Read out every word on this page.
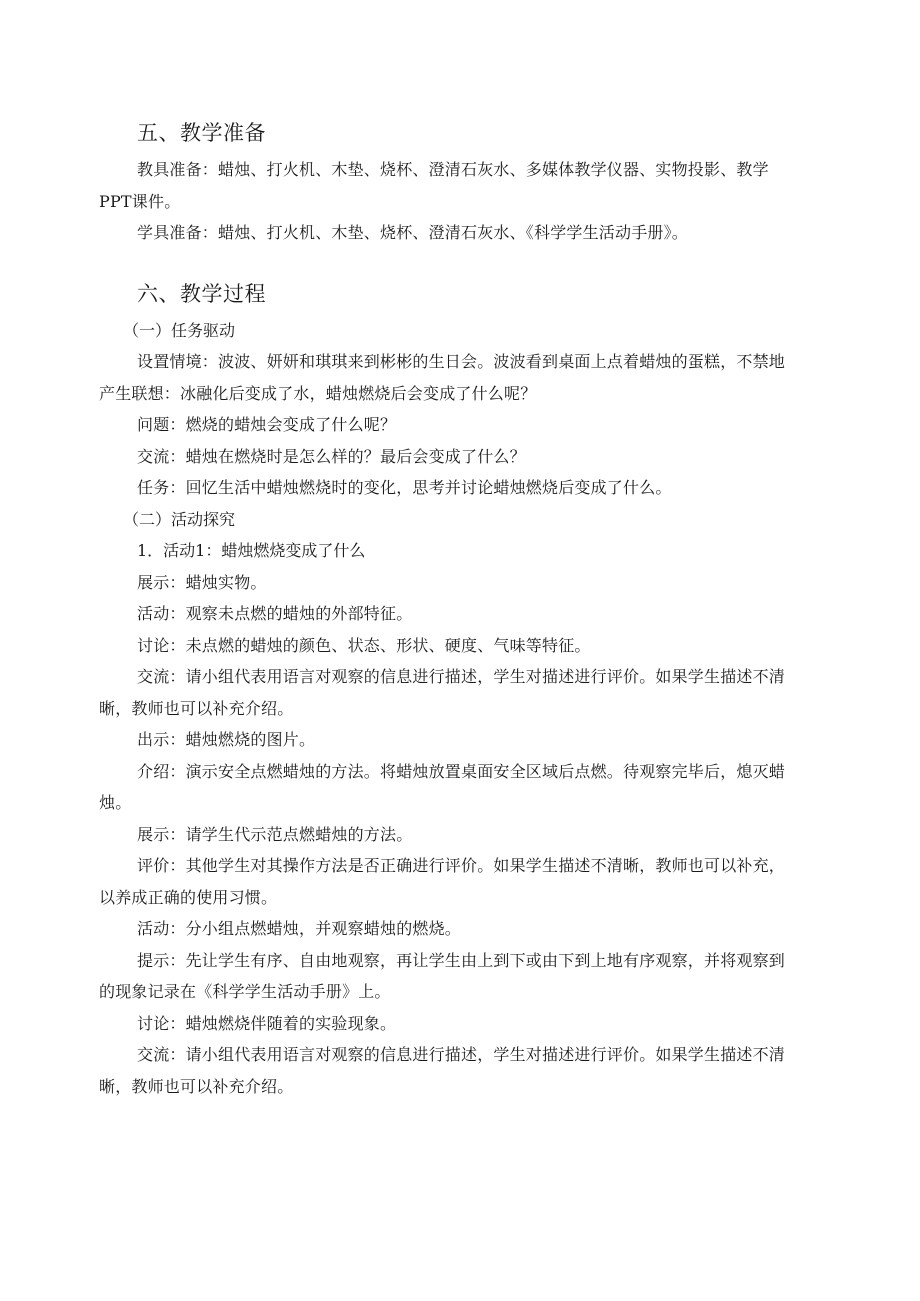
五、教学准备

教具准备：蜡烛、打火机、木垫、烧杯、澄清石灰水、多媒体教学仪器、实物投影、教学
PPT课件。

学具准备：蜡烛、打火机、木垫、烧杯、澄清石灰水、《科学学生活动手册》。

六、教学过程

（一）任务驱动

设置情境：波波、妍妍和琪琪来到彬彬的生日会。波波看到桌面上点着蜡烛的蛋糕，不禁地
产生联想：冰融化后变成了水，蜡烛燃烧后会变成了什么呢？

问题：燃烧的蜡烛会变成了什么呢？

交流：蜡烛在燃烧时是怎么样的？最后会变成了什么？

任务：回忆生活中蜡烛燃烧时的变化，思考并讨论蜡烛燃烧后变成了什么。

（二）活动探究

1．活动1：蜡烛燃烧变成了什么

展示：蜡烛实物。

活动：观察未点燃的蜡烛的外部特征。

讨论：未点燃的蜡烛的颜色、状态、形状、硬度、气味等特征。

交流：请小组代表用语言对观察的信息进行描述，学生对描述进行评价。如果学生描述不清
晰，教师也可以补充介绍。

出示：蜡烛燃烧的图片。

介绍：演示安全点燃蜡烛的方法。将蜡烛放置桌面安全区域后点燃。待观察完毕后，熄灭蜡
烛。

展示：请学生代示范点燃蜡烛的方法。

评价：其他学生对其操作方法是否正确进行评价。如果学生描述不清晰，教师也可以补充，
以养成正确的使用习惯。

活动：分小组点燃蜡烛，并观察蜡烛的燃烧。

提示：先让学生有序、自由地观察，再让学生由上到下或由下到上地有序观察，并将观察到
的现象记录在《科学学生活动手册》上。

讨论：蜡烛燃烧伴随着的实验现象。

交流：请小组代表用语言对观察的信息进行描述，学生对描述进行评价。如果学生描述不清
晰，教师也可以补充介绍。
